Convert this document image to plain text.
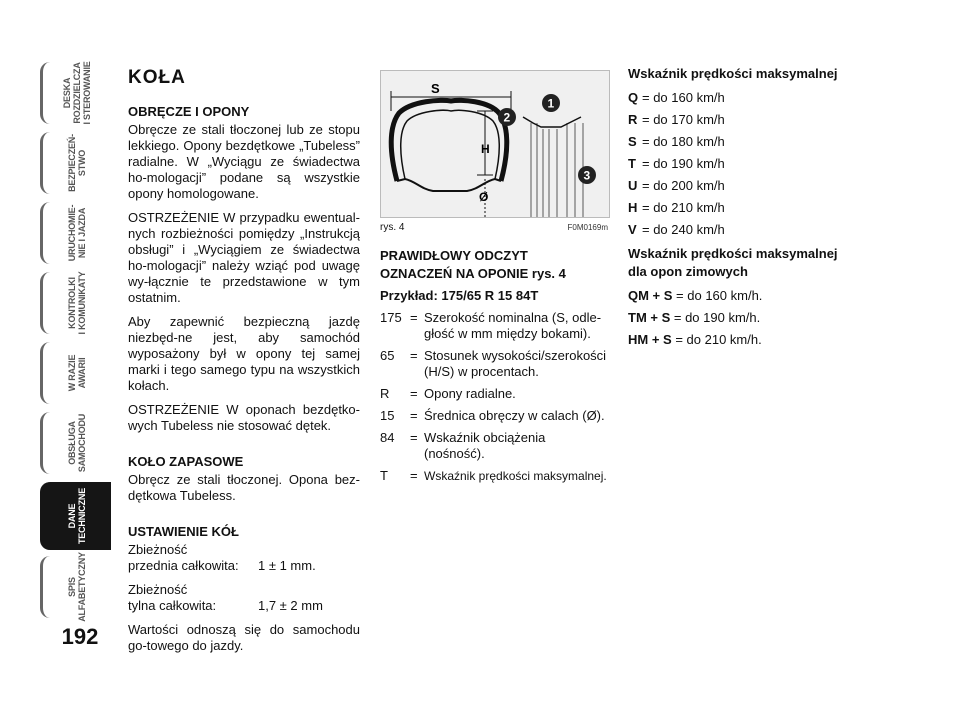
DESKA
ROZDZIELCZA
I STEROWANIE
BEZPIECZEŃ-
STWO
URUCHOMIE-
NIE I JAZDA
KONTROLKI
I KOMUNIKATY
W RAZIE
AWARII
OBSŁUGA
SAMOCHODU
DANE
TECHNICZNE
SPIS
ALFABETYCZNY
192
KOŁA
OBRĘCZE I OPONY

Obręcze ze stali tłoczonej lub ze stopu lekkiego. Opony bezdętkowe „Tubeless” radialne. W „Wyciągu ze świadectwa ho-mologacji” podane są wszystkie opony homologowane.

OSTRZEŻENIE W przypadku ewentual-nych rozbieżności pomiędzy „Instrukcją obsługi” i „Wyciągiem ze świadectwa ho-mologacji” należy wziąć pod uwagę wy-łącznie te przedstawione w tym ostatnim.

Aby zapewnić bezpieczną jazdę niezbęd-ne jest, aby samochód wyposażony był w opony tej samej marki i tego samego typu na wszystkich kołach.

OSTRZEŻENIE W oponach bezdętko-wych Tubeless nie stosować dętek.

KOŁO ZAPASOWE

Obręcz ze stali tłoczonej. Opona bez-dętkowa Tubeless.

USTAWIENIE KÓŁ
Zbieżność
przednia całkowita:	1 ± 1 mm.
Zbieżność
tylna całkowita:	1,7 ± 2 mm

Wartości odnoszą się do samochodu go-towego do jazdy.

S
H
Ø
1
2
3
rys. 4	F0M0169m
PRAWIDŁOWY ODCZYT
OZNACZEŃ NA OPONIE rys. 4
Przykład: 175/65 R 15 84T
175 = Szerokość nominalna (S, odle-głość w mm między bokami).
65	= Stosunek wysokości/szerokości (H/S) w procentach.
R	= Opony radialne.
15	= Średnica obręczy w calach (Ø).
84	= Wskaźnik obciążenia (nośność).
T	= Wskaźnik prędkości maksymalnej.
Wskaźnik prędkości maksymalnej
Q = do 160 km/h
R = do 170 km/h
S = do 180 km/h
T = do 190 km/h
U = do 200 km/h
H = do 210 km/h
V = do 240 km/h
Wskaźnik prędkości maksymalnej
dla opon zimowych
QM + S = do 160 km/h.
TM + S = do 190 km/h.
HM + S = do 210 km/h.
